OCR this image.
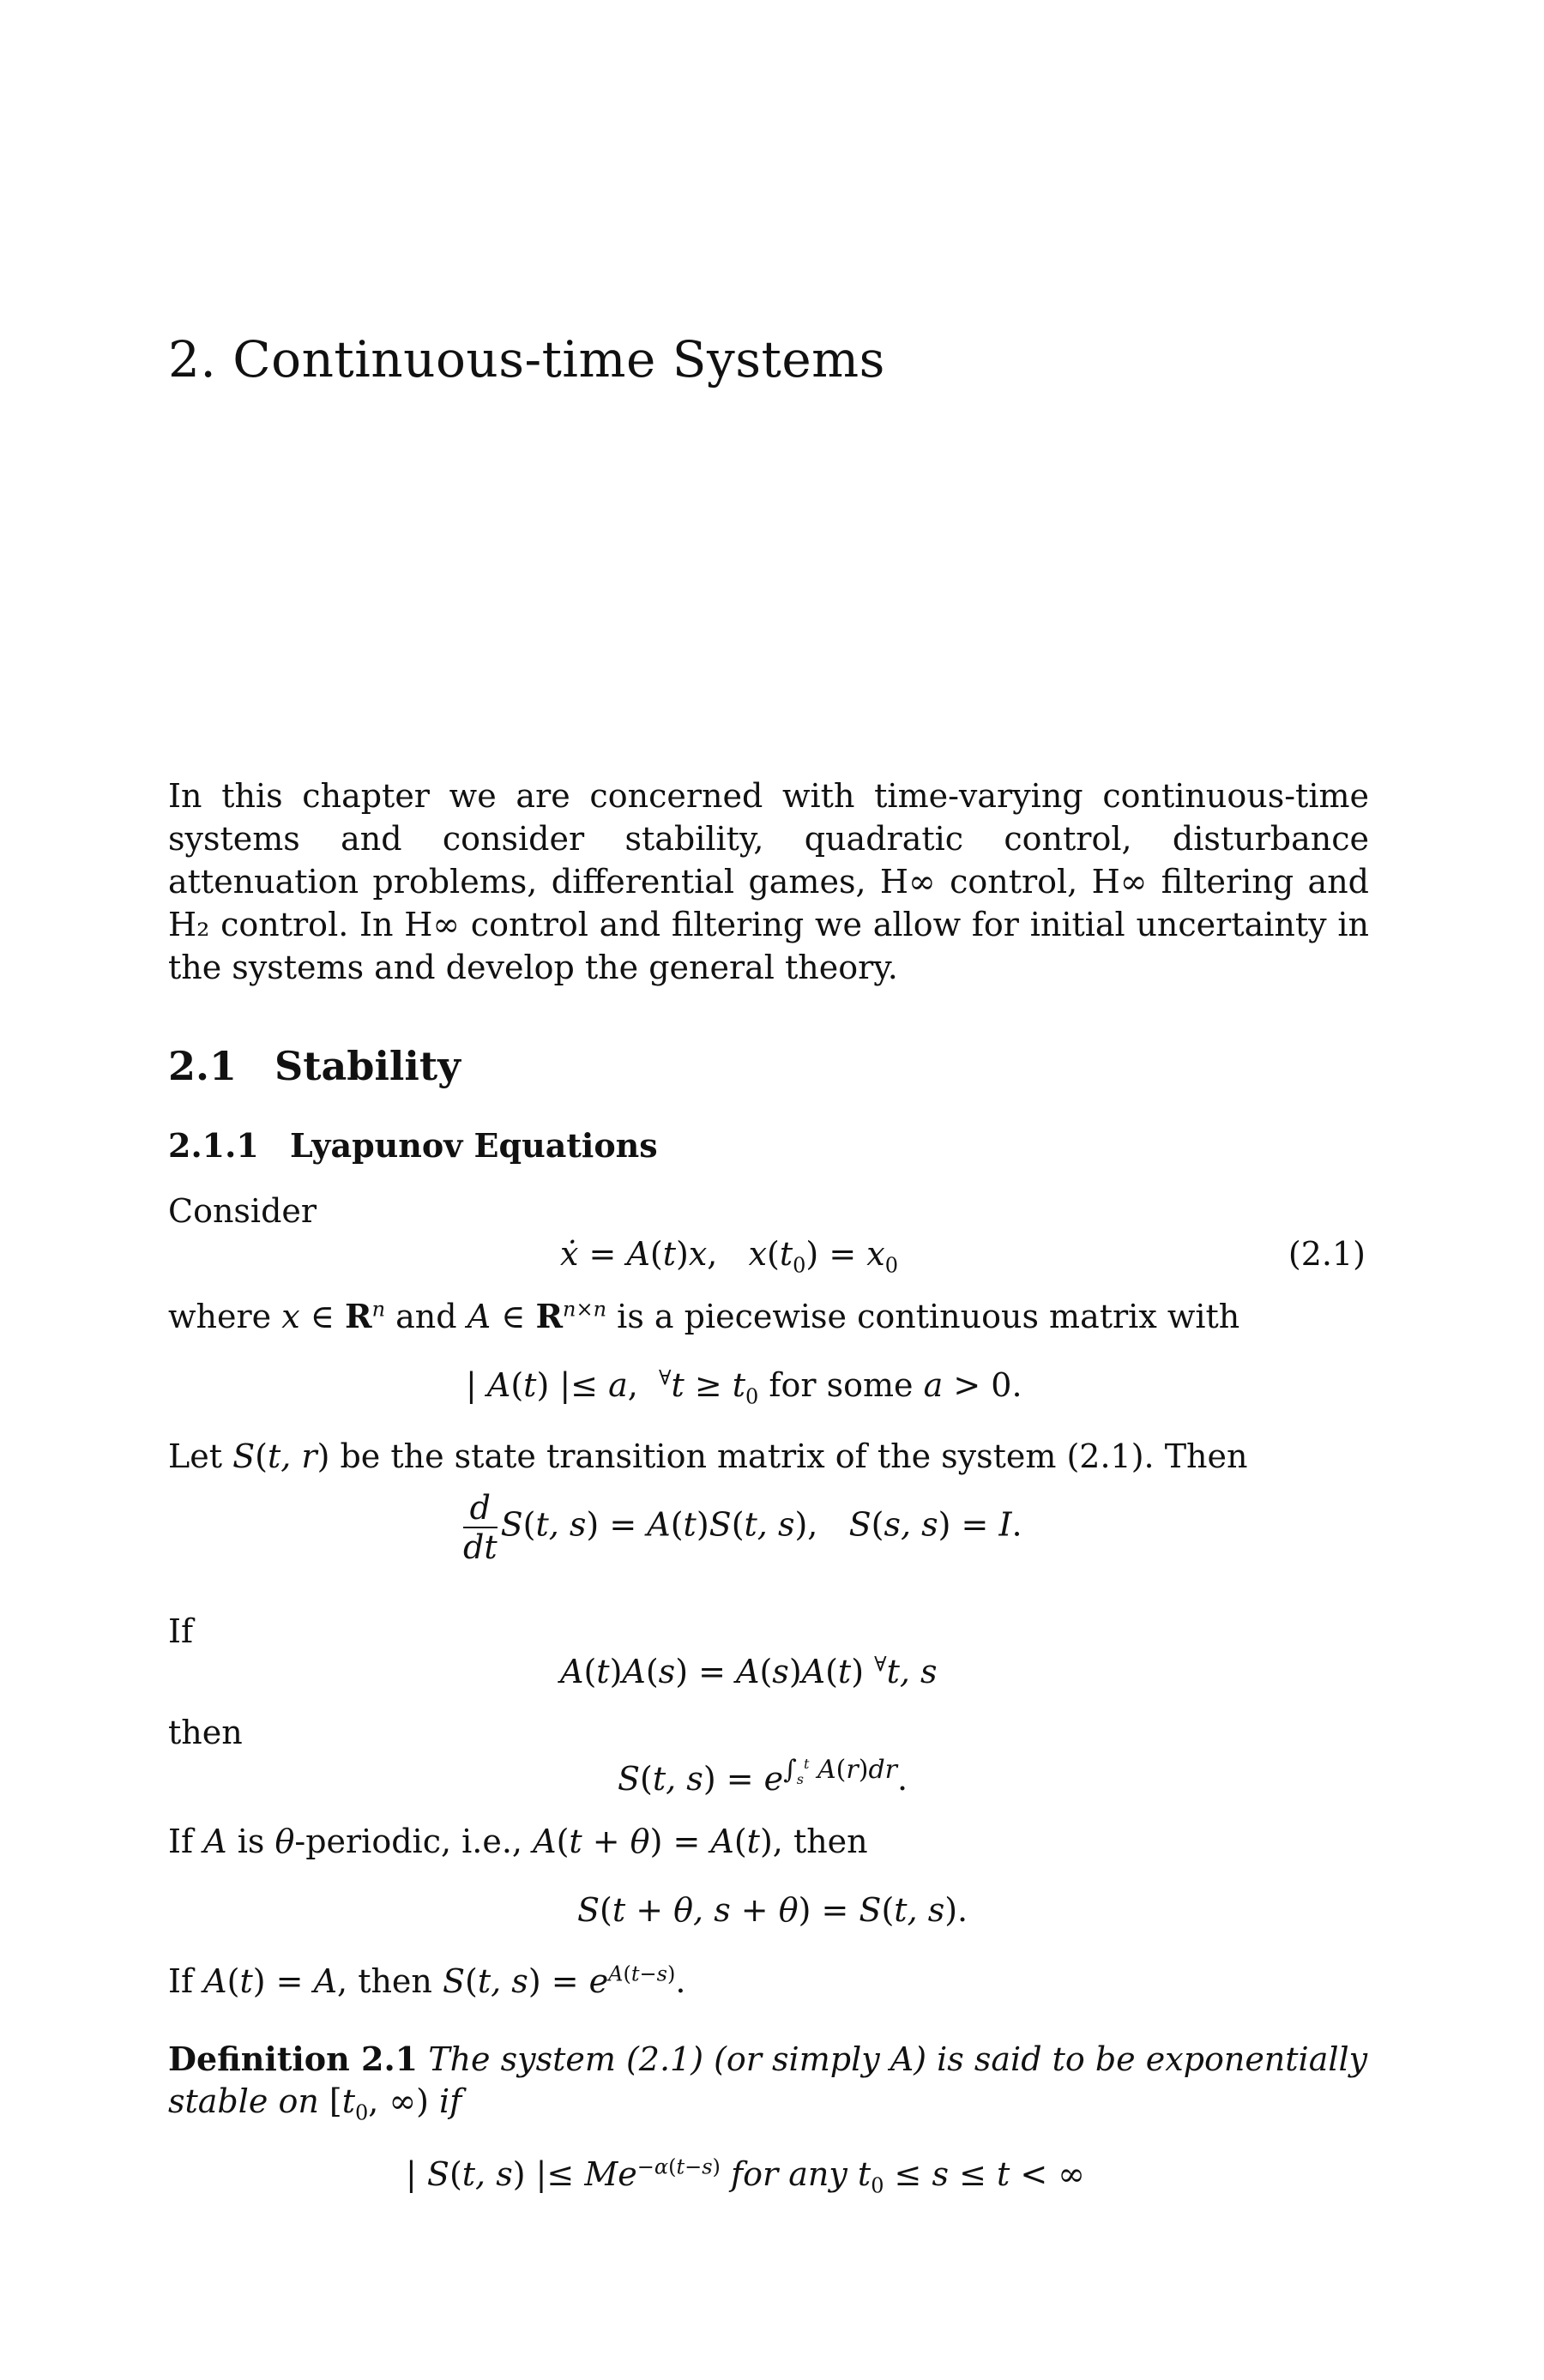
2. Continuous-time Systems

In this chapter we are concerned with time-varying continuous-time systems and consider stability, quadratic control, disturbance attenuation problems, differential games, H∞ control, H∞ filtering and H₂ control. In H∞ control and filtering we allow for initial uncertainty in the systems and develop the general theory.

2.1 Stability
2.1.1 Lyapunov Equations
Consider
ẋ = A(t)x,   $x(t_0) = x_0$	(2.1)
where x ∈ $R^n$ and A ∈ $R^{n\times n}$ is a piecewise continuous matrix with
| A(t) |≤ a,  $^\forall t \ge t_0$ for some a > 0.
Let S(t, r) be the state transition matrix of the system (2.1). Then
$\frac{d}{dt} S(t$, s) = A(t)S(t, s),   S(s, s) = I.
If
A(t)A(s) = A(s)A(t) ∀t, s
then
S(t, $s) = e^{\int_s^t A(r)dr}$.
If A is θ-periodic, i.e., A(t + θ) = A(t), then
S(t + θ, s + θ) = S(t, s).
If A(t) = A, then S(t, $s) = e^{A(t-s)}$.
Definition 2.1 The system (2.1) (or simply A) is said to be exponentially
stable on [$t_0$, ∞) if
| S(t, s) |≤ $Me^{-\alpha(t-s)}$ for any $t_0 \le s \le t$ < ∞
